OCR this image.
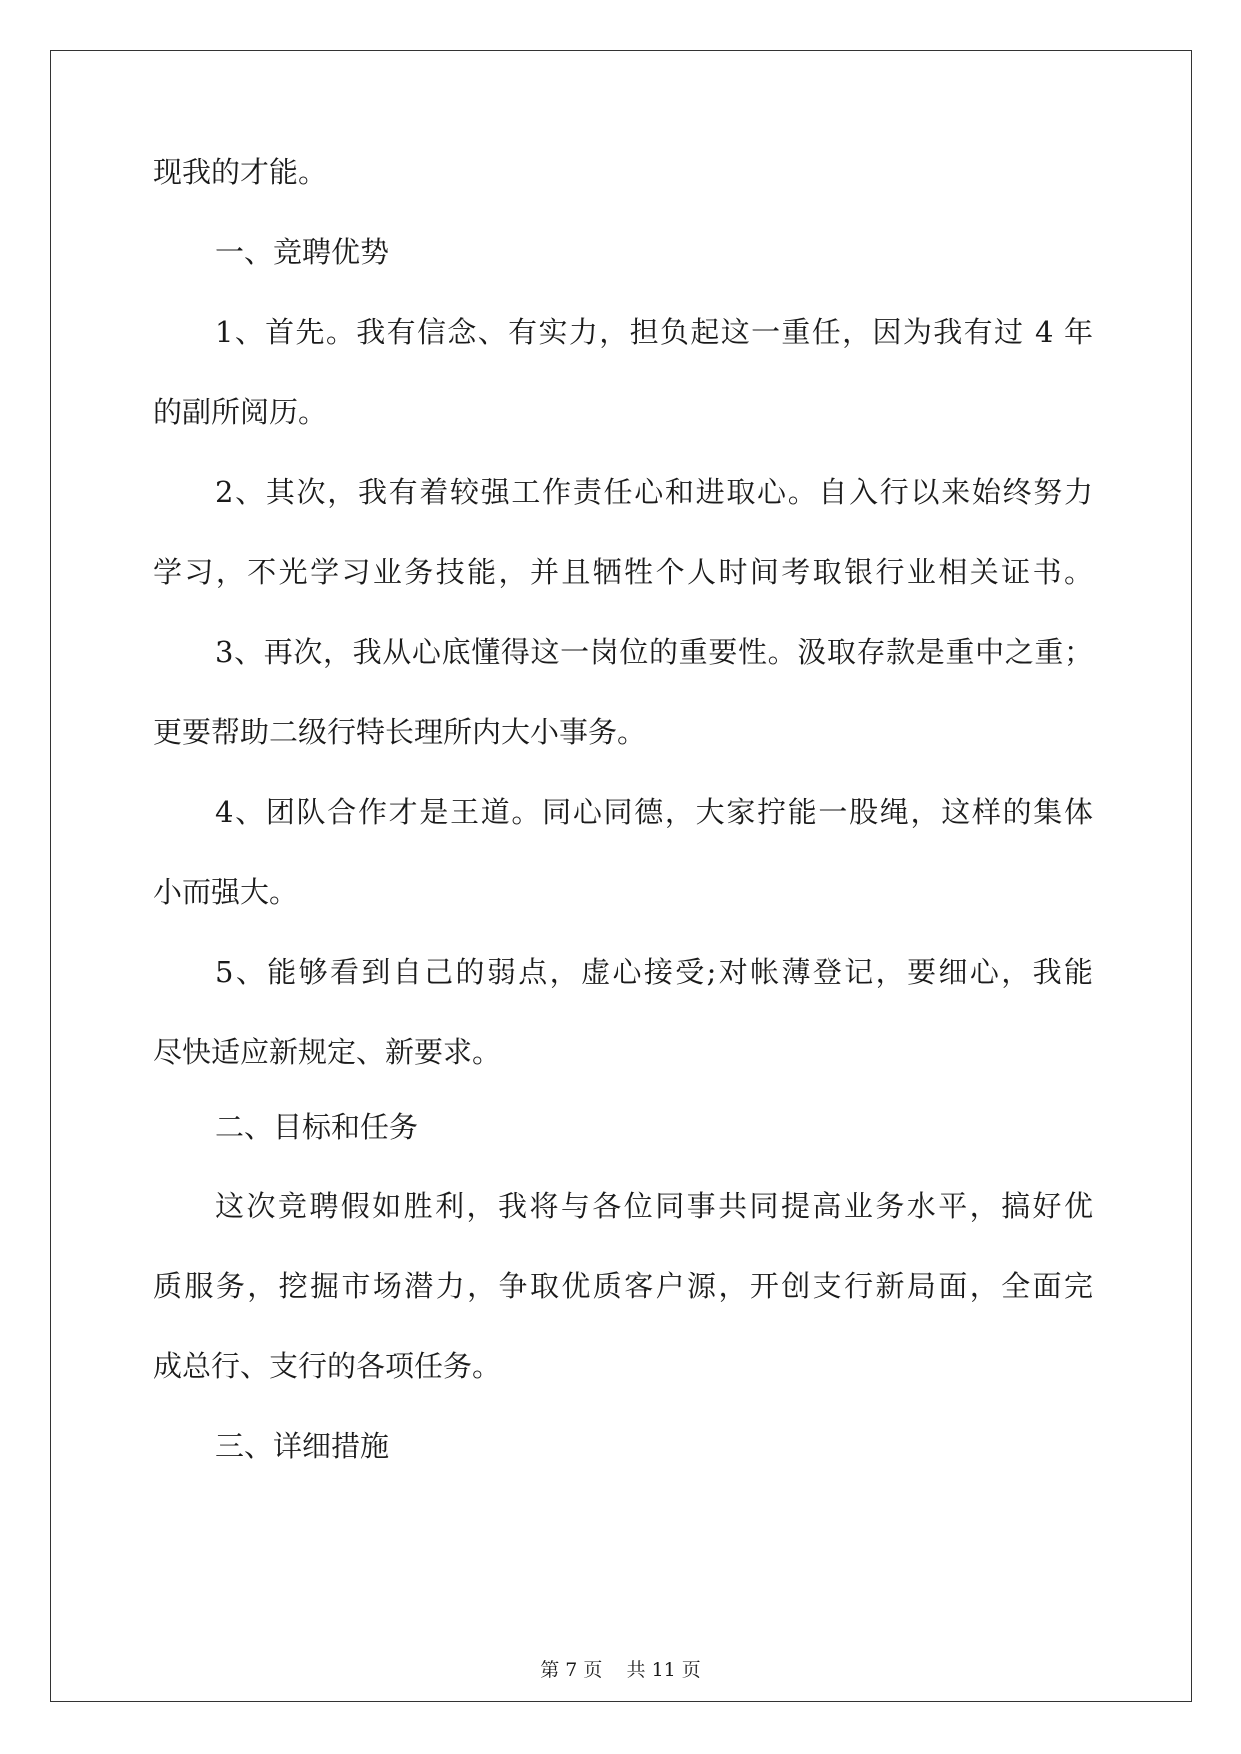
现我的才能。
一、竞聘优势
1、首先。我有信念、有实力，担负起这一重任，因为我有过 4 年
的副所阅历。
2、其次，我有着较强工作责任心和进取心。自入行以来始终努力
学习，不光学习业务技能，并且牺牲个人时间考取银行业相关证书。
3、再次，我从心底懂得这一岗位的重要性。汲取存款是重中之重；
更要帮助二级行特长理所内大小事务。
4、团队合作才是王道。同心同德，大家拧能一股绳，这样的集体
小而强大。
5、能够看到自己的弱点，虚心接受;对帐薄登记，要细心，我能
尽快适应新规定、新要求。
二、目标和任务
这次竞聘假如胜利，我将与各位同事共同提高业务水平，搞好优
质服务，挖掘市场潜力，争取优质客户源，开创支行新局面，全面完
成总行、支行的各项任务。
三、详细措施
第 7 页 共 11 页
